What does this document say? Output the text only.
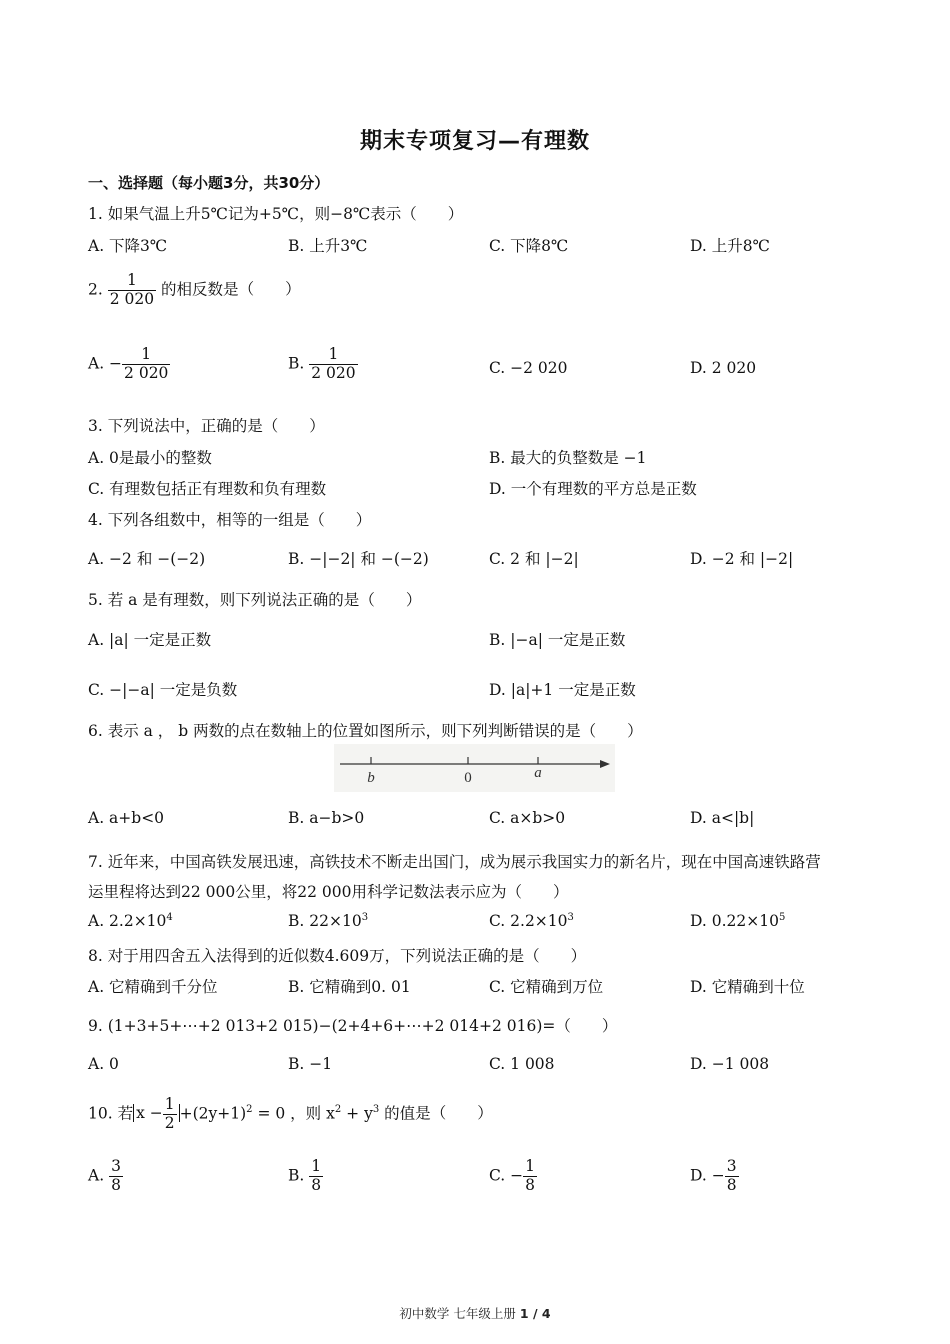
期末专项复习—有理数
一、选择题（每小题3分，共30分）
1. 如果气温上升5℃记为+5℃，则−8℃表示（　　）
A. 下降3℃	B. 上升3℃	C. 下降8℃	D. 上升8℃
2. $\frac{1}{2 020}$ 的相反数是（　　）
A. − $\frac{1}{2 020}$	B. $\frac{1}{2 020}$	C. −2 020	D. 2 020
3. 下列说法中，正确的是（　　）
A. 0是最小的整数	B. 最大的负整数是 −1
C. 有理数包括正有理数和负有理数	D. 一个有理数的平方总是正数
4. 下列各组数中，相等的一组是（　　）
A. −2 和 −(−2)	B. −|−2| 和 −(−2)	C. 2 和 |−2|	D. −2 和 |−2|
5. 若 a 是有理数，则下列说法正确的是（　　）
A. |a| 一定是正数	B. |−a| 一定是正数
C. −|−a| 一定是负数	D. |a|+1 一定是正数
6. 表示 a ， b 两数的点在数轴上的位置如图所示，则下列判断错误的是（　　）
b	0	a
A. a+b<0	B. a−b>0	C. a×b>0	D. a<|b|
7. 近年来，中国高铁发展迅速，高铁技术不断走出国门，成为展示我国实力的新名片，现在中国高速铁路营
运里程将达到22 000公里，将22 000用科学记数法表示应为（　　）
A. $2.2\times 10^4$	B. $22\times 10^3$	C. $2.2\times 10^3$	D. $0.22\times 10^5$
8. 对于用四舍五入法得到的近似数4.609万，下列说法正确的是（　　）
A. 它精确到千分位	B. 它精确到0. 01	C. 它精确到万位	D. 它精确到十位
9. (1+3+5+⋯+2 013+2 015)−(2+4+6+⋯+2 014+2 016)=（　　）
A. 0	B. −1	C. 1 008	D. −1 008
10. 若 $x - \frac{1}{2} +(2y+1)^2 = 0$ ，则 $x^2 + y^3$ 的值是（　　）
A. $\frac{3}{8}$	B. $\frac{1}{8}$	C. − $\frac{1}{8}$	D. − $\frac{3}{8}$
初中数学 七年级上册 1 / 4
